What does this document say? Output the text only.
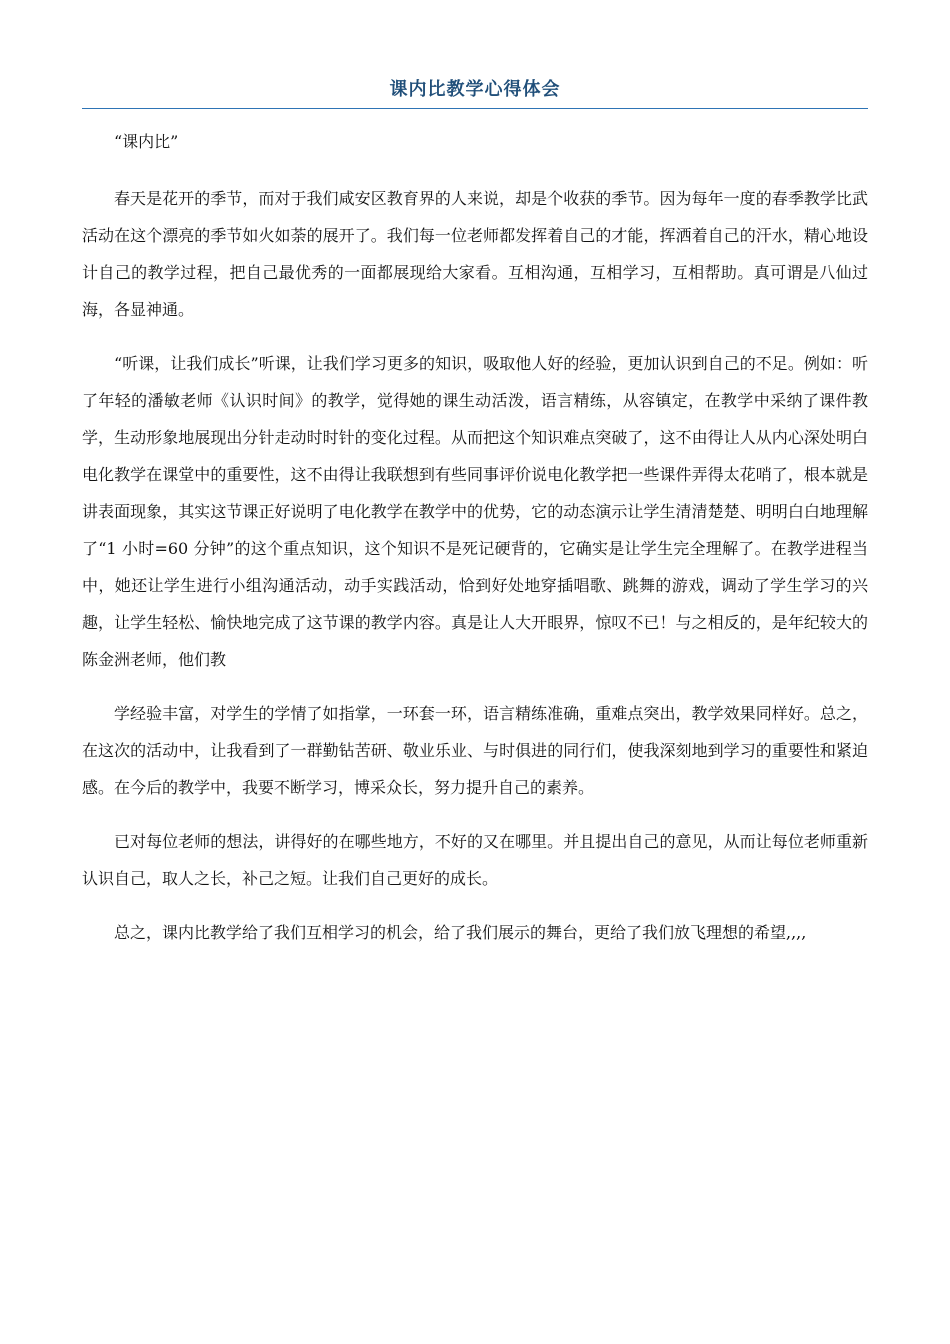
课内比教学心得体会

“课内比”

春天是花开的季节，而对于我们咸安区教育界的人来说，却是个收获的季节。因为每年一度的春季教学比武活动在这个漂亮的季节如火如荼的展开了。我们每一位老师都发挥着自己的才能，挥洒着自己的汗水，精心地设计自己的教学过程，把自己最优秀的一面都展现给大家看。互相沟通，互相学习，互相帮助。真可谓是八仙过海，各显神通。

“听课，让我们成长”听课，让我们学习更多的知识，吸取他人好的经验，更加认识到自己的不足。例如：听了年轻的潘敏老师《认识时间》的教学，觉得她的课生动活泼，语言精练，从容镇定，在教学中采纳了课件教学，生动形象地展现出分针走动时时针的变化过程。从而把这个知识难点突破了，这不由得让人从内心深处明白电化教学在课堂中的重要性，这不由得让我联想到有些同事评价说电化教学把一些课件弄得太花哨了，根本就是讲表面现象，其实这节课正好说明了电化教学在教学中的优势，它的动态演示让学生清清楚楚、明明白白地理解了“1 小时=60 分钟”的这个重点知识，这个知识不是死记硬背的，它确实是让学生完全理解了。在教学进程当中，她还让学生进行小组沟通活动，动手实践活动，恰到好处地穿插唱歌、跳舞的游戏，调动了学生学习的兴趣，让学生轻松、愉快地完成了这节课的教学内容。真是让人大开眼界，惊叹不已！与之相反的，是年纪较大的陈金洲老师，他们教

学经验丰富，对学生的学情了如指掌，一环套一环，语言精练准确，重难点突出，教学效果同样好。总之，在这次的活动中，让我看到了一群勤钻苦研、敬业乐业、与时俱进的同行们，使我深刻地到学习的重要性和紧迫感。在今后的教学中，我要不断学习，博采众长，努力提升自己的素养。

已对每位老师的想法，讲得好的在哪些地方，不好的又在哪里。并且提出自己的意见，从而让每位老师重新认识自己，取人之长，补己之短。让我们自己更好的成长。

总之，课内比教学给了我们互相学习的机会，给了我们展示的舞台，更给了我们放飞理想的希望,,,,
